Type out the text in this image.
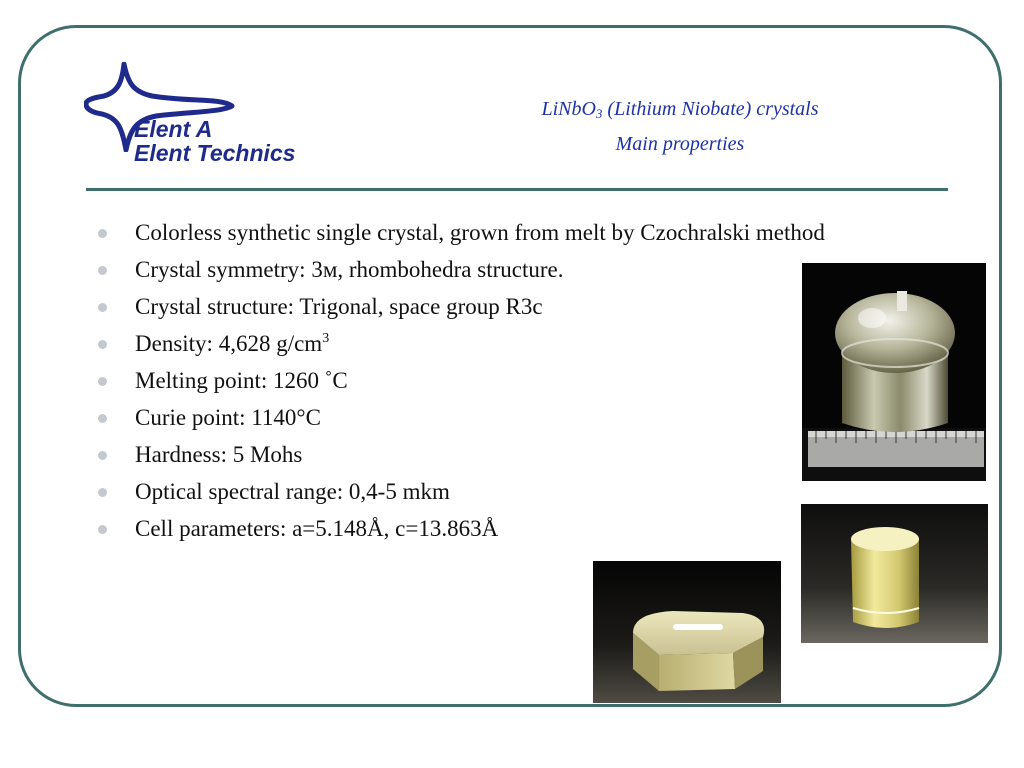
Elent A
Elent Technics
LiNbO$_3$ (Lithium Niobate) crystals
Main properties
Colorless synthetic single crystal, grown from melt by Czochralski method
Crystal symmetry: 3м, rhombohedra structure.
Crystal structure: Trigonal, space group R3c
Density: 4,628 $g/cm^3$
Melting point: 1260 ˚C
Curie point: 1140°C
Hardness: 5 Mohs
Optical spectral range: 0,4-5 mkm
Cell parameters: a=5.148Å, c=13.863Å
